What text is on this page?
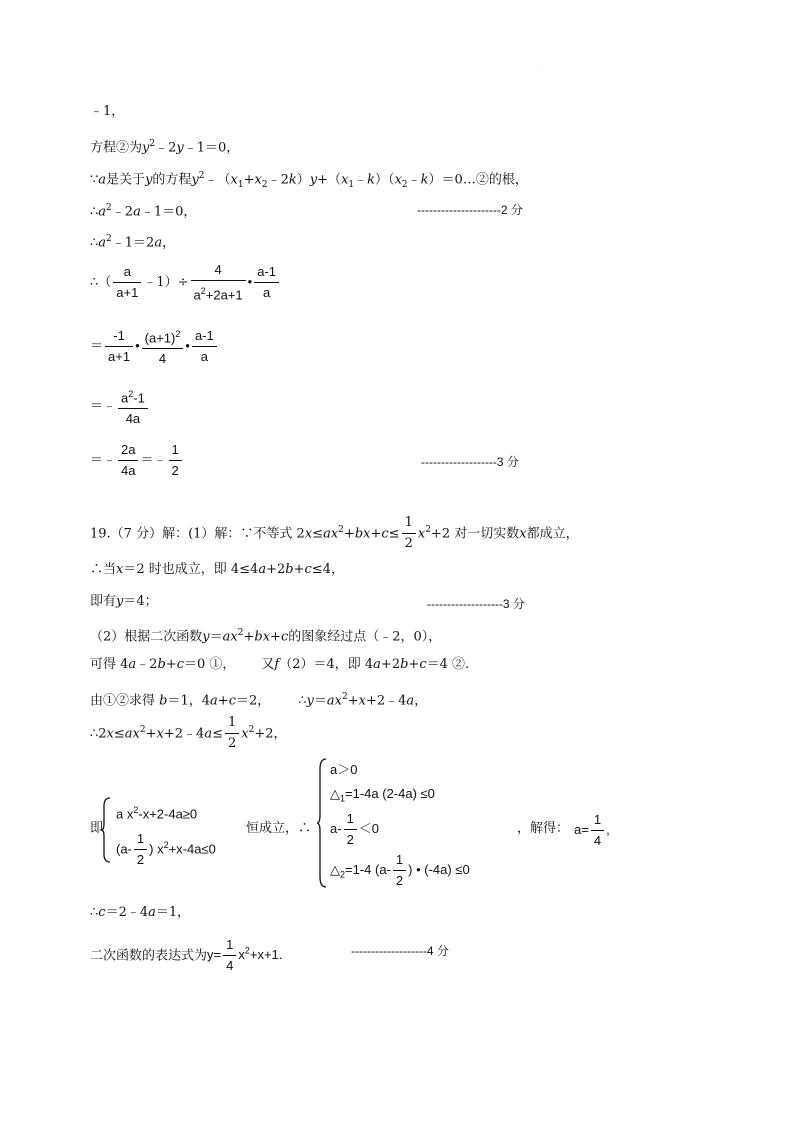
·
﹣1，
方程②为$y^2﹣2y﹣1=0$，
∵a是关于y的方程$y^2﹣(x_1+x_2﹣2k)y+(x_1﹣k)(x_2﹣k)=0\dots ②$的根，
$\therefore a^2﹣2a﹣1=0$，	---------------------2 分
$\therefore a^2﹣1=2a$，
∴（ $\frac{a}{a+1}$ ﹣1）÷ $\frac{4}{a^2+2a+1}$ • $\frac{a-1}{a}$
＝ $\frac{-1}{a+1}$ • $\frac{(a+1)^2}{4}$ • $\frac{a-1}{a}$
＝﹣ $\frac{a^2-1}{4a}$
＝﹣ $\frac{2a}{4a}$ ＝﹣ $\frac{1}{2}$	-------------------3 分
19.（7 分）解：(1）解：∵不等式 $2x\le ax^2+bx+c\le \frac{1}{2} x^2+2$ 对一切实数x都成立，
∴当x＝2 时也成立，即 4≤4a+2b+c≤4，
即有y＝4；	-------------------3 分
（2）根据二次函数$y=ax^2+bx+c$的图象经过点（﹣2，0），
可得 4a﹣2b+c＝0 ①， 又f（2）＝4，即 4a+2b+c＝4 ②.
由①②求得 b＝1，4a+c＝2， $\therefore y=ax^2+x+2﹣4a$，
$\therefore 2x\le ax^2+x+2﹣4a\le \frac{1}{2} x^2+2$，
即
a $x^2-x+2-4a\ge 0$
($a- \frac{1}{2}$ ) $x^2+x-4a\le 0$
恒成立，∴
a＞0
$\triangle_1=1-4a$ (2-4a) ≤0
$a- \frac{1}{2} <0$
$\triangle_2=1-4$ ($a- \frac{1}{2}$ ) • (-4a) ≤0
，解得： $a= \frac{1}{4}$ ,
∴c＝2﹣4a＝1，
二次函数的表达式为$y= \frac{1}{4} x^2+x+1$.	-------------------4 分
